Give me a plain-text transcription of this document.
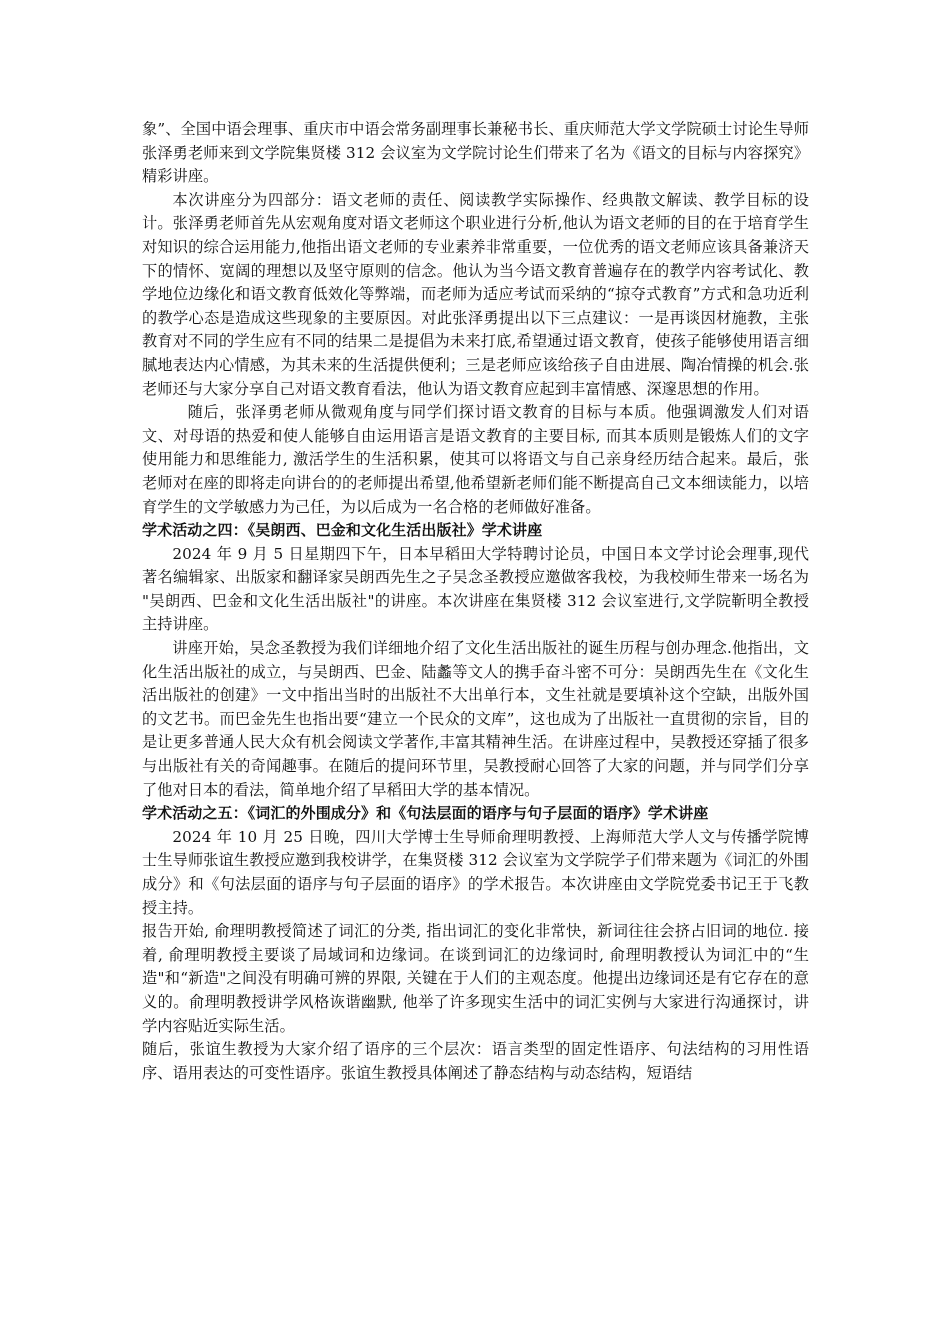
象”、全国中语会理事、重庆市中语会常务副理事长兼秘书长、重庆师范大学文学院硕士讨论生导师张泽勇老师来到文学院集贤楼 312 会议室为文学院讨论生们带来了名为《语文的目标与内容探究》精彩讲座。

本次讲座分为四部分：语文老师的责任、阅读教学实际操作、经典散文解读、教学目标的设计。张泽勇老师首先从宏观角度对语文老师这个职业进行分析,他认为语文老师的目的在于培育学生对知识的综合运用能力,他指出语文老师的专业素养非常重要，一位优秀的语文老师应该具备兼济天下的情怀、宽阔的理想以及坚守原则的信念。他认为当今语文教育普遍存在的教学内容考试化、教学地位边缘化和语文教育低效化等弊端，而老师为适应考试而采纳的“掠夺式教育”方式和急功近利的教学心态是造成这些现象的主要原因。对此张泽勇提出以下三点建议：一是再谈因材施教，主张教育对不同的学生应有不同的结果二是提倡为未来打底,希望通过语文教育，使孩子能够使用语言细腻地表达内心情感，为其未来的生活提供便利；三是老师应该给孩子自由进展、陶冶情操的机会.张老师还与大家分享自己对语文教育看法，他认为语文教育应起到丰富情感、深邃思想的作用。

随后，张泽勇老师从微观角度与同学们探讨语文教育的目标与本质。他强调激发人们对语文、对母语的热爱和使人能够自由运用语言是语文教育的主要目标, 而其本质则是锻炼人们的文字使用能力和思维能力, 激活学生的生活积累，使其可以将语文与自己亲身经历结合起来。最后，张老师对在座的即将走向讲台的的老师提出希望,他希望新老师们能不断提高自己文本细读能力，以培育学生的文学敏感力为己任，为以后成为一名合格的老师做好准备。

学术活动之四：《吴朗西、巴金和文化生活出版社》学术讲座

2024 年 9 月 5 日星期四下午，日本早稻田大学特聘讨论员，中国日本文学讨论会理事,现代著名编辑家、出版家和翻译家吴朗西先生之子吴念圣教授应邀做客我校，为我校师生带来一场名为 "吴朗西、巴金和文化生活出版社"的讲座。本次讲座在集贤楼 312 会议室进行,文学院靳明全教授主持讲座。

讲座开始，吴念圣教授为我们详细地介绍了文化生活出版社的诞生历程与创办理念.他指出，文化生活出版社的成立，与吴朗西、巴金、陆蠡等文人的携手奋斗密不可分：吴朗西先生在《文化生活出版社的创建》一文中指出当时的出版社不大出单行本，文生社就是要填补这个空缺，出版外国的文艺书。而巴金先生也指出要“建立一个民众的文库”，这也成为了出版社一直贯彻的宗旨，目的是让更多普通人民大众有机会阅读文学著作,丰富其精神生活。在讲座过程中，吴教授还穿插了很多与出版社有关的奇闻趣事。在随后的提问环节里，吴教授耐心回答了大家的问题，并与同学们分享了他对日本的看法，简单地介绍了早稻田大学的基本情况。

学术活动之五：《词汇的外围成分》和《句法层面的语序与句子层面的语序》学术讲座

2024 年 10 月 25 日晚，四川大学博士生导师俞理明教授、上海师范大学人文与传播学院博士生导师张谊生教授应邀到我校讲学，在集贤楼 312 会议室为文学院学子们带来题为《词汇的外围成分》和《句法层面的语序与句子层面的语序》的学术报告。本次讲座由文学院党委书记王于飞教授主持。

报告开始, 俞理明教授简述了词汇的分类, 指出词汇的变化非常快，新词往往会挤占旧词的地位. 接着, 俞理明教授主要谈了局域词和边缘词。在谈到词汇的边缘词时, 俞理明教授认为词汇中的“生造"和“新造"之间没有明确可辨的界限, 关键在于人们的主观态度。他提出边缘词还是有它存在的意义的。俞理明教授讲学风格诙谐幽默, 他举了许多现实生活中的词汇实例与大家进行沟通探讨，讲学内容贴近实际生活。

随后，张谊生教授为大家介绍了语序的三个层次：语言类型的固定性语序、句法结构的习用性语序、语用表达的可变性语序。张谊生教授具体阐述了静态结构与动态结构，短语结
